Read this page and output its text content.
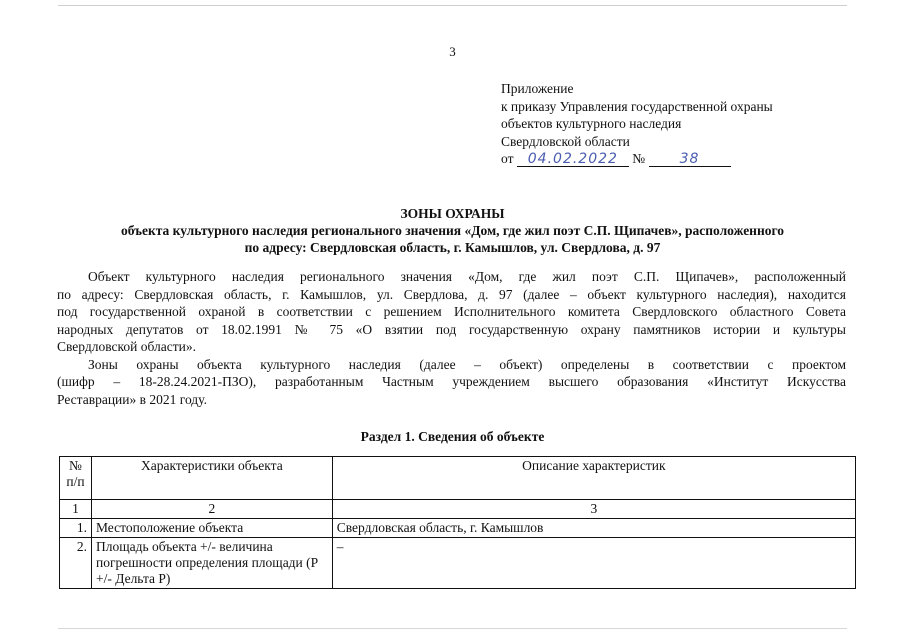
3
Приложение
к приказу Управления государственной охраны
объектов культурного наследия
Свердловской области
от 04.02.2022 № 38
ЗОНЫ ОХРАНЫ
объекта культурного наследия регионального значения «Дом, где жил поэт С.П. Щипачев», расположенного
по адресу: Свердловская область, г. Камышлов, ул. Свердлова, д. 97

Объект культурного наследия регионального значения «Дом, где жил поэт С.П. Щипачев», расположенный
по адресу: Свердловская область, г. Камышлов, ул. Свердлова, д. 97 (далее – объект культурного наследия), находится
под государственной охраной в соответствии с решением Исполнительного комитета Свердловского областного Совета
народных депутатов от 18.02.1991 № 75 «О взятии под государственную охрану памятников истории и культуры
Свердловской области».

Зоны охраны объекта культурного наследия (далее – объект) определены в соответствии с проектом
(шифр – 18-28.24.2021-ПЗО), разработанным Частным учреждением высшего образования «Институт Искусства
Реставрации» в 2021 году.

Раздел 1. Сведения об объекте
№ п/п	Характеристики объекта	Описание характеристик
1	2	3
1.	Местоположение объекта	Свердловская область, г. Камышлов
2.	Площадь объекта +/- величина погрешности определения площади (Р +/- Дельта Р)	–
